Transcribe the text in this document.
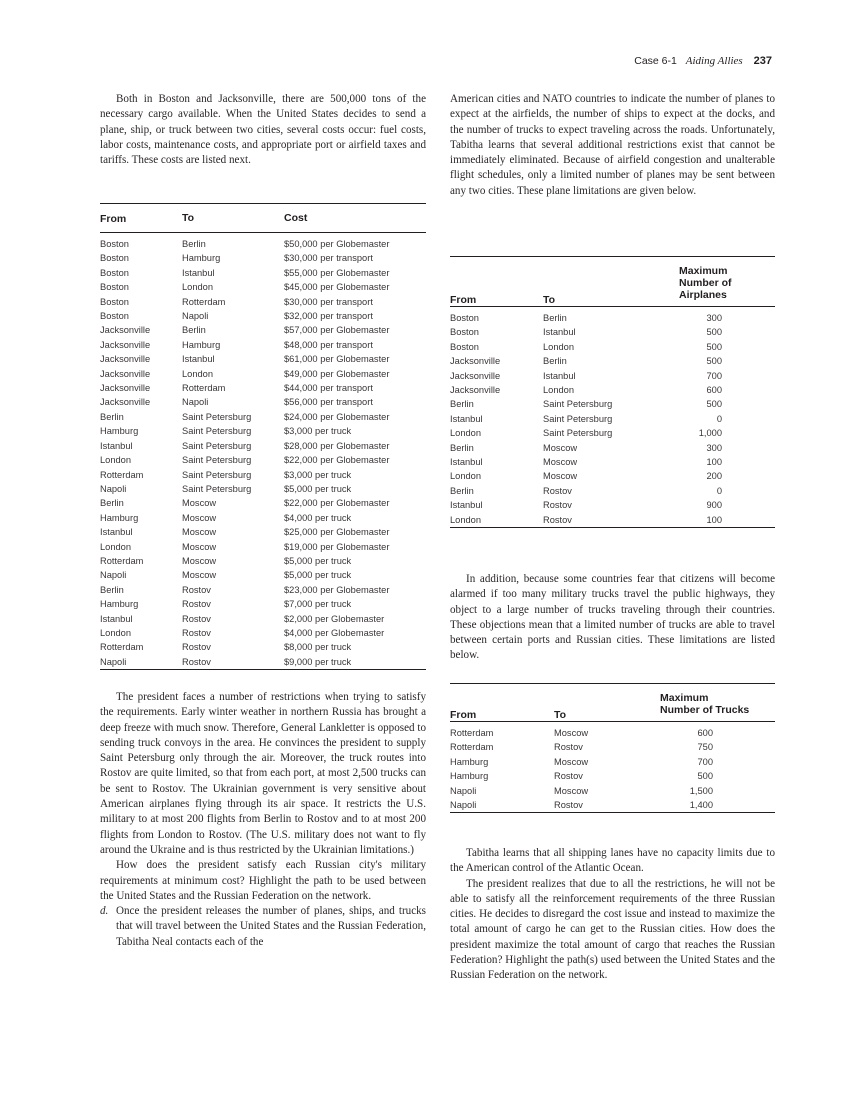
Case 6-1 Aiding Allies 237

Both in Boston and Jacksonville, there are 500,000 tons of the necessary cargo available. When the United States decides to send a plane, ship, or truck between two cities, several costs occur: fuel costs, labor costs, maintenance costs, and appropriate port or airfield taxes and tariffs. These costs are listed next.

From	To	Cost

Boston	Berlin	$50,000 per Globemaster
Boston	Hamburg	$30,000 per transport
Boston	Istanbul	$55,000 per Globemaster
Boston	London	$45,000 per Globemaster
Boston	Rotterdam	$30,000 per transport
Boston	Napoli	$32,000 per transport
Jacksonville	Berlin	$57,000 per Globemaster
Jacksonville	Hamburg	$48,000 per transport
Jacksonville	Istanbul	$61,000 per Globemaster
Jacksonville	London	$49,000 per Globemaster
Jacksonville	Rotterdam	$44,000 per transport
Jacksonville	Napoli	$56,000 per transport
Berlin	Saint Petersburg	$24,000 per Globemaster
Hamburg	Saint Petersburg	$3,000 per truck
Istanbul	Saint Petersburg	$28,000 per Globemaster
London	Saint Petersburg	$22,000 per Globemaster
Rotterdam	Saint Petersburg	$3,000 per truck
Napoli	Saint Petersburg	$5,000 per truck
Berlin	Moscow	$22,000 per Globemaster
Hamburg	Moscow	$4,000 per truck
Istanbul	Moscow	$25,000 per Globemaster
London	Moscow	$19,000 per Globemaster
Rotterdam	Moscow	$5,000 per truck
Napoli	Moscow	$5,000 per truck
Berlin	Rostov	$23,000 per Globemaster
Hamburg	Rostov	$7,000 per truck
Istanbul	Rostov	$2,000 per Globemaster
London	Rostov	$4,000 per Globemaster
Rotterdam	Rostov	$8,000 per truck
Napoli	Rostov	$9,000 per truck

The president faces a number of restrictions when trying to satisfy the requirements. Early winter weather in northern Russia has brought a deep freeze with much snow. Therefore, General Lankletter is opposed to sending truck convoys in the area. He convinces the president to supply Saint Petersburg only through the air. Moreover, the truck routes into Rostov are quite limited, so that from each port, at most 2,500 trucks can be sent to Rostov. The Ukrainian government is very sensitive about American airplanes flying through its air space. It restricts the U.S. military to at most 200 flights from Berlin to Rostov and to at most 200 flights from London to Rostov. (The U.S. military does not want to fly around the Ukraine and is thus restricted by the Ukrainian limitations.)

How does the president satisfy each Russian city's military requirements at minimum cost? Highlight the path to be used between the United States and the Russian Federation on the network.

d. Once the president releases the number of planes, ships, and trucks that will travel between the United States and the Russian Federation, Tabitha Neal contacts each of the

American cities and NATO countries to indicate the number of planes to expect at the airfields, the number of ships to expect at the docks, and the number of trucks to expect traveling across the roads. Unfortunately, Tabitha learns that several additional restrictions exist that cannot be immediately eliminated. Because of airfield congestion and unalterable flight schedules, only a limited number of planes may be sent between any two cities. These plane limitations are given below.

From	To	Maximum
		Number of Airplanes

Boston	Berlin	300
Boston	Istanbul	500
Boston	London	500
Jacksonville	Berlin	500
Jacksonville	Istanbul	700
Jacksonville	London	600
Berlin	Saint Petersburg	500
Istanbul	Saint Petersburg	0
London	Saint Petersburg	1,000
Berlin	Moscow	300
Istanbul	Moscow	100
London	Moscow	200
Berlin	Rostov	0
Istanbul	Rostov	900
London	Rostov	100

In addition, because some countries fear that citizens will become alarmed if too many military trucks travel the public highways, they object to a large number of trucks traveling through their countries. These objections mean that a limited number of trucks are able to travel between certain ports and Russian cities. These limitations are listed below.

From	To	Maximum
		Number of Trucks

Rotterdam	Moscow	600
Rotterdam	Rostov	750
Hamburg	Moscow	700
Hamburg	Rostov	500
Napoli	Moscow	1,500
Napoli	Rostov	1,400

Tabitha learns that all shipping lanes have no capacity limits due to the American control of the Atlantic Ocean.

The president realizes that due to all the restrictions, he will not be able to satisfy all the reinforcement requirements of the three Russian cities. He decides to disregard the cost issue and instead to maximize the total amount of cargo he can get to the Russian cities. How does the president maximize the total amount of cargo that reaches the Russian Federation? Highlight the path(s) used between the United States and the Russian Federation on the network.
